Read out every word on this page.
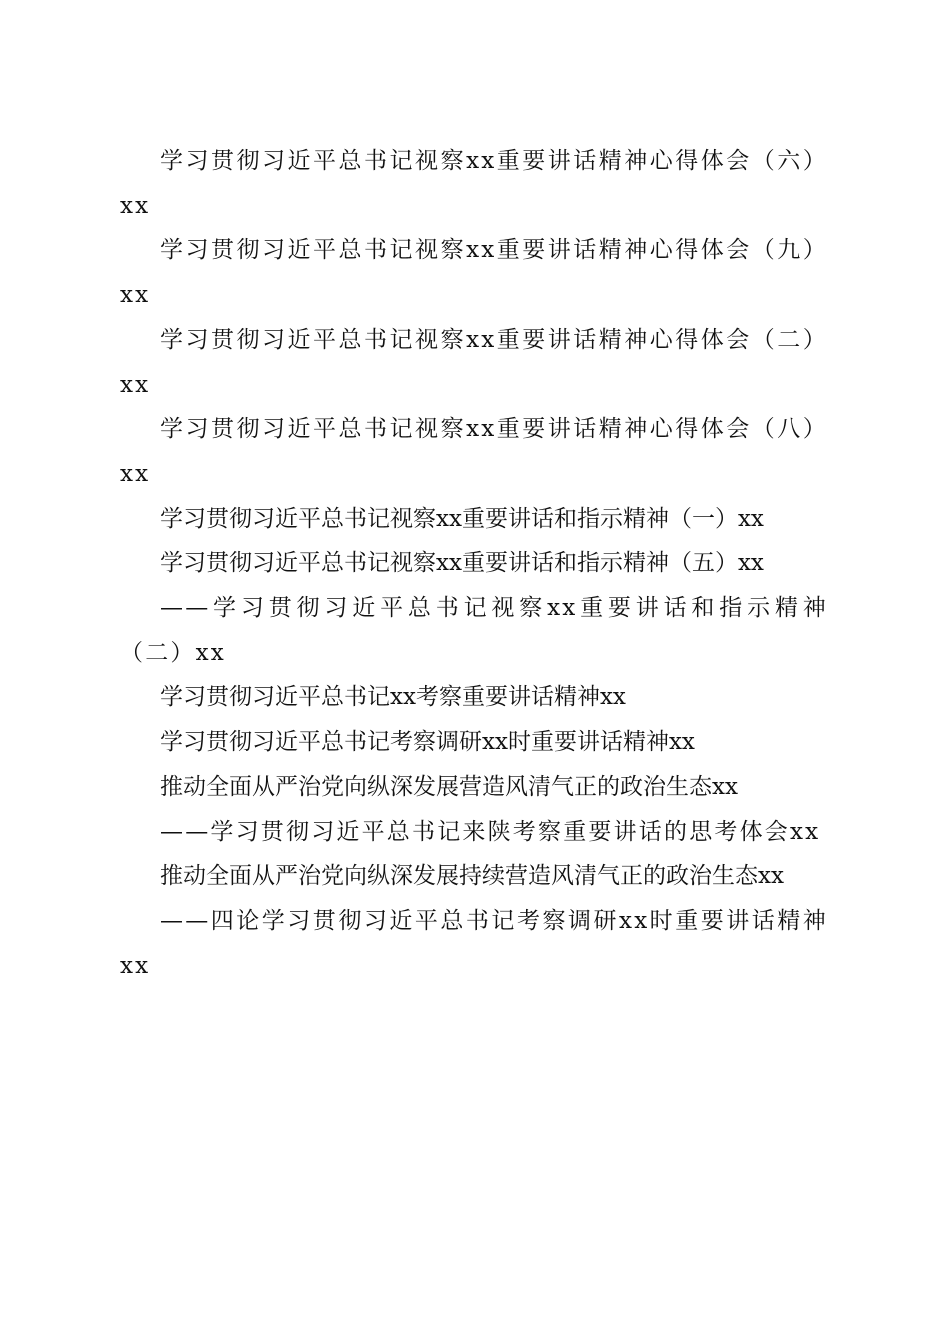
学习贯彻习近平总书记视察xx重要讲话精神心得体会（六）xx

学习贯彻习近平总书记视察xx重要讲话精神心得体会（九）xx

学习贯彻习近平总书记视察xx重要讲话精神心得体会（二）xx

学习贯彻习近平总书记视察xx重要讲话精神心得体会（八）xx

学习贯彻习近平总书记视察xx重要讲话和指示精神（一）xx

学习贯彻习近平总书记视察xx重要讲话和指示精神（五）xx

——学习贯彻习近平总书记视察xx重要讲话和指示精神（二）xx

学习贯彻习近平总书记xx考察重要讲话精神xx

学习贯彻习近平总书记考察调研xx时重要讲话精神xx

推动全面从严治党向纵深发展营造风清气正的政治生态xx

——学习贯彻习近平总书记来陕考察重要讲话的思考体会xx

推动全面从严治党向纵深发展持续营造风清气正的政治生态xx

——四论学习贯彻习近平总书记考察调研xx时重要讲话精神xx
